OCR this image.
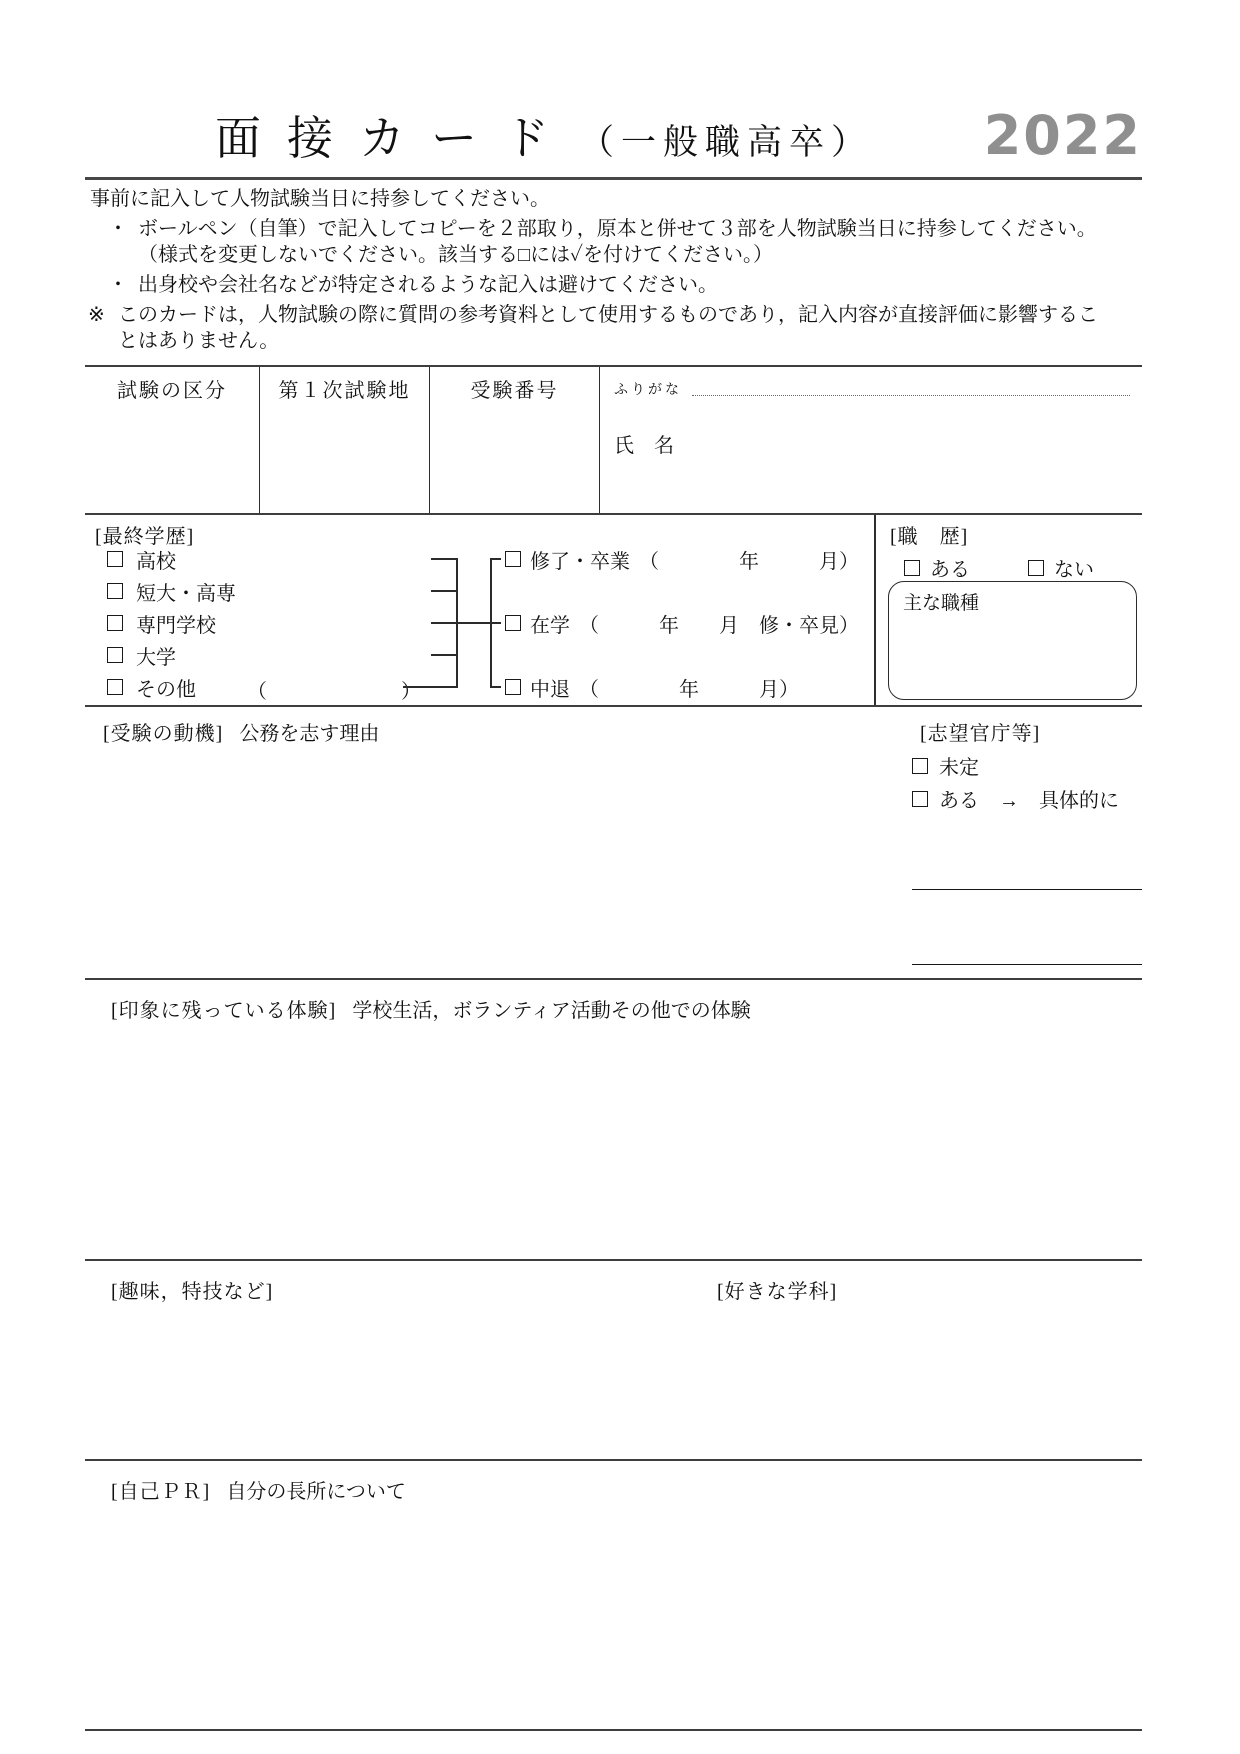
面接カード （一般職高卒） 2022

事前に記入して人物試験当日に持参してください。

・ ボールペン（自筆）で記入してコピーを２部取り，原本と併せて３部を人物試験当日に持参してください。（様式を変更しないでください。該当する□には✓を付けてください。）

・ 出身校や会社名などが特定されるような記入は避けてください。

※ このカードは，人物試験の際に質問の参考資料として使用するものであり，記入内容が直接評価に影響することはありません。

試験の区分	第１次試験地	受験番号	ふりがな
氏　名
[最終学歴]
高校
短大・高専
専門学校
大学
その他	（	）
修了・卒業 （　　　　年　　　月）
在学 （　　　年　　月　修・卒見）
中退 （　　　　年　　　月）
[職　歴]
ある	ない
主な職種
[受験の動機] 公務を志す理由	[志望官庁等]
未定
ある　→　具体的に
[印象に残っている体験] 学校生活，ボランティア活動その他での体験
[趣味，特技など]	[好きな学科]
[自己ＰＲ] 自分の長所について
